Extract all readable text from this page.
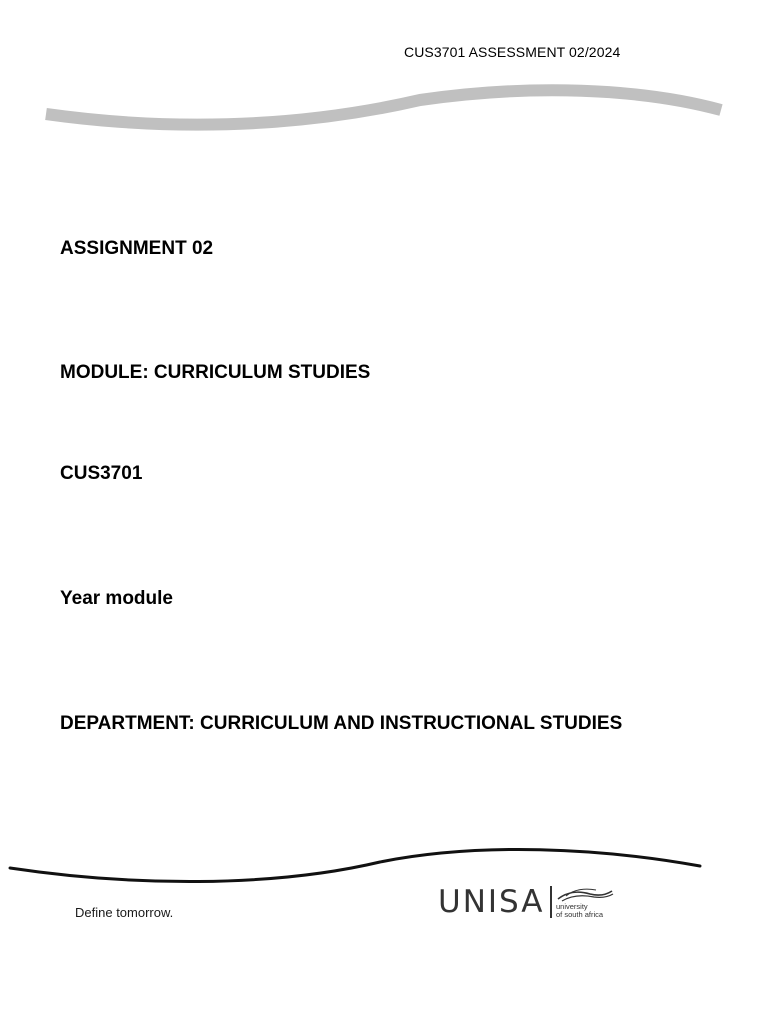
CUS3701 ASSESSMENT 02/2024
ASSIGNMENT 02
MODULE: CURRICULUM STUDIES
CUS3701
Year module
DEPARTMENT: CURRICULUM AND INSTRUCTIONAL STUDIES
Define tomorrow.	UNISA university
of south africa
